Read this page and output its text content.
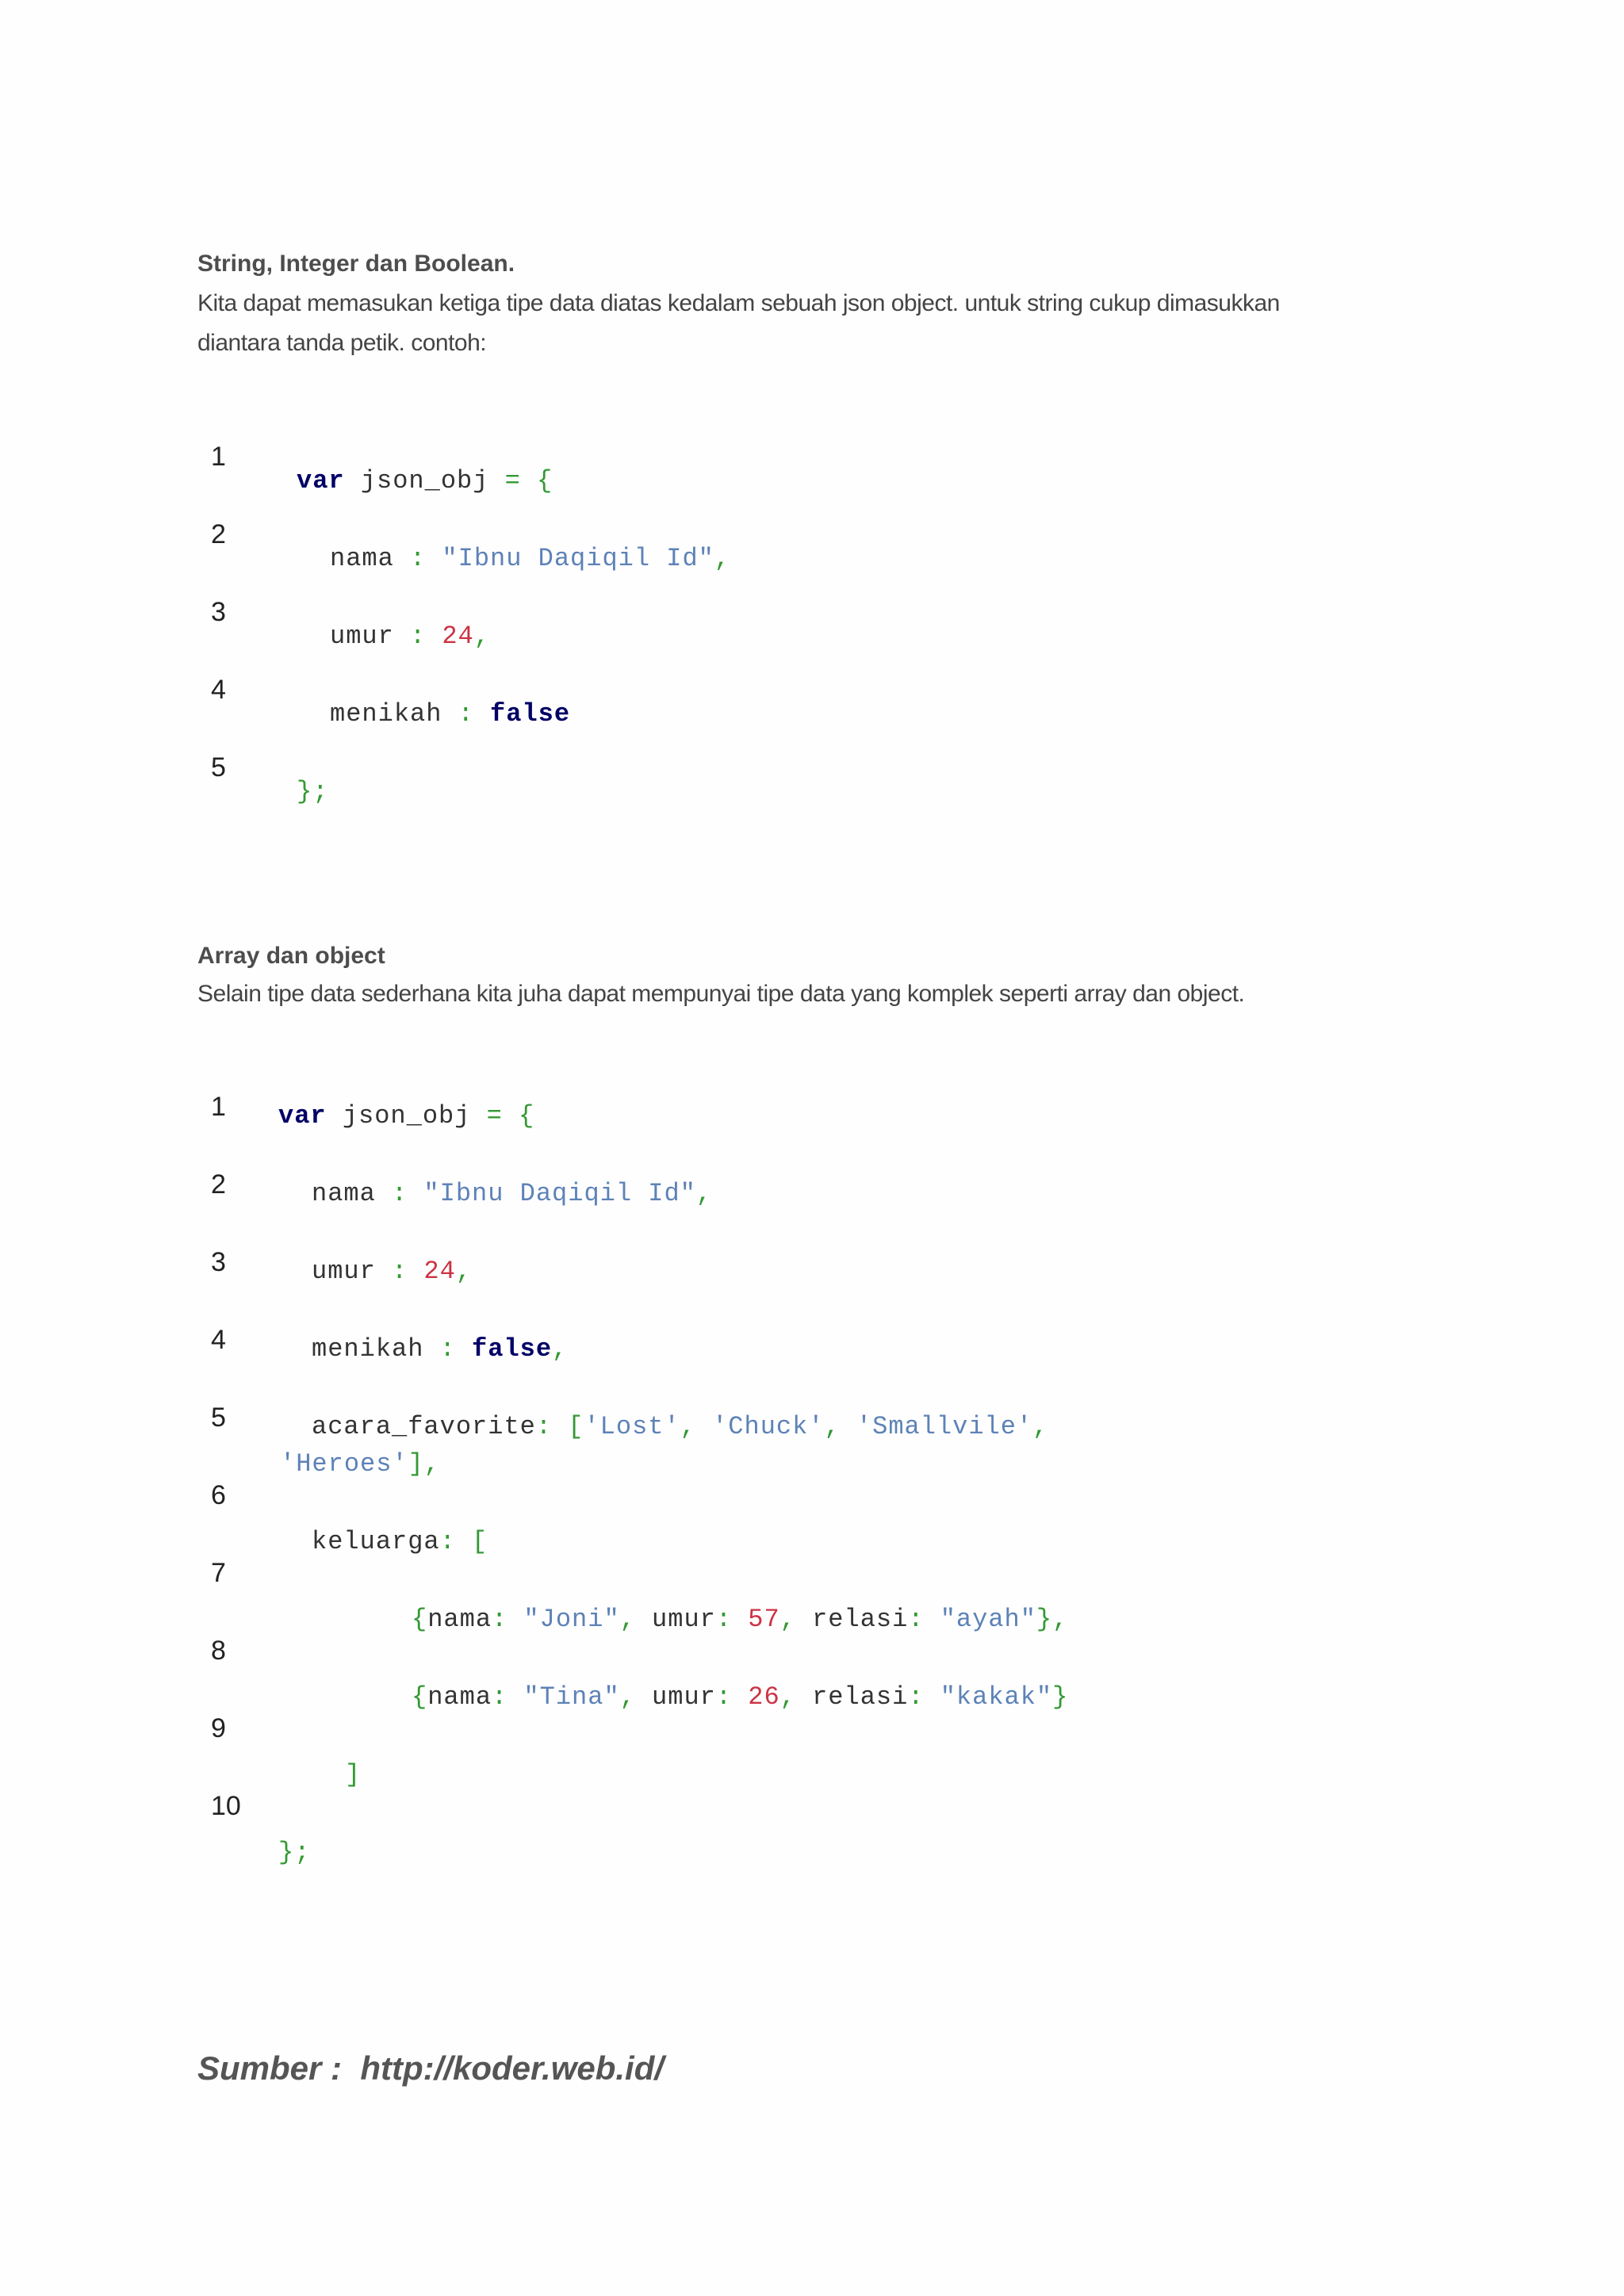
String, Integer dan Boolean.

Kita dapat memasukan ketiga tipe data diatas kedalam sebuah json object. untuk string cukup dimasukkan
diantara tanda petik. contoh:

1
2
3
4
5
var json_obj = {
nama : "Ibnu Daqiqil Id",
umur : 24,
menikah : false
};
Array dan object

Selain tipe data sederhana kita juha dapat mempunyai tipe data yang komplek seperti array dan object.

1
2
3
4
5
6
7
8
9
10
var json_obj = {
nama : "Ibnu Daqiqil Id",
umur : 24,
menikah : false,
acara_favorite: ['Lost', 'Chuck', 'Smallvile',
'Heroes'],
keluarga: [
{nama: "Joni", umur: 57, relasi: "ayah"},
{nama: "Tina", umur: 26, relasi: "kakak"}
]
};

Sumber : http://koder.web.id/
